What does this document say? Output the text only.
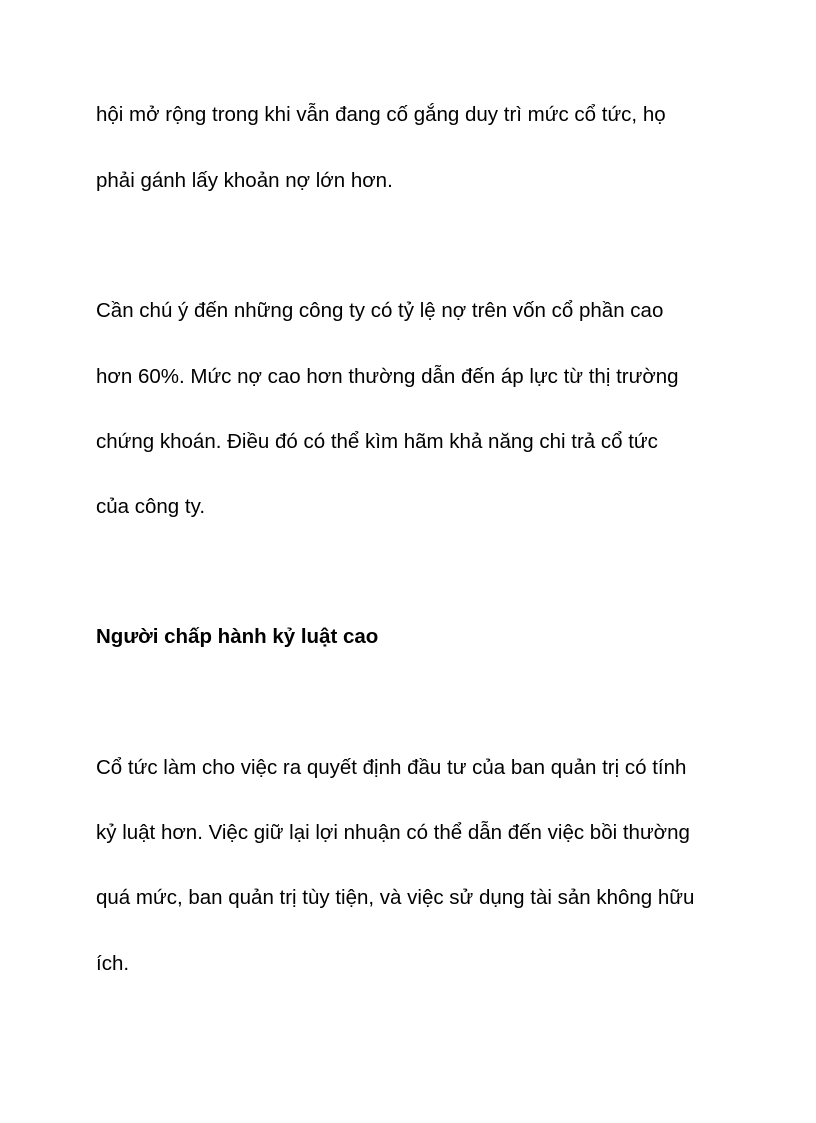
hội mở rộng trong khi vẫn đang cố gắng duy trì mức cổ tức, họ
phải gánh lấy khoản nợ lớn hơn.
Cần chú ý đến những công ty có tỷ lệ nợ trên vốn cổ phần cao
hơn 60%. Mức nợ cao hơn thường dẫn đến áp lực từ thị trường
chứng khoán. Điều đó có thể kìm hãm khả năng chi trả cổ tức
của công ty.
Người chấp hành kỷ luật cao
Cổ tức làm cho việc ra quyết định đầu tư của ban quản trị có tính
kỷ luật hơn. Việc giữ lại lợi nhuận có thể dẫn đến việc bồi thường
quá mức, ban quản trị tùy tiện, và việc sử dụng tài sản không hữu
ích.
